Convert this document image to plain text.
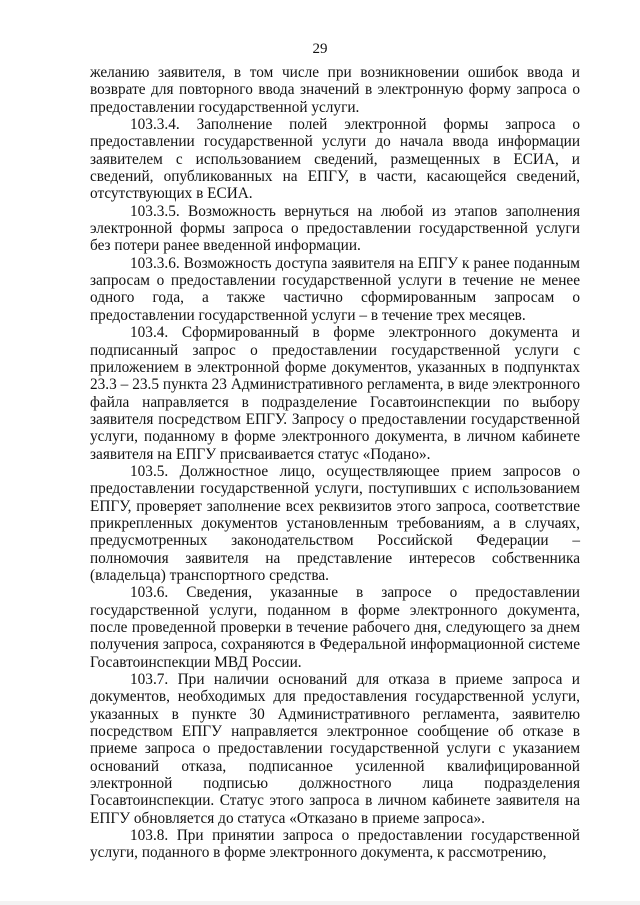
29

желанию заявителя, в том числе при возникновении ошибок ввода и возврате для повторного ввода значений в электронную форму запроса о предоставлении государственной услуги.

103.3.4. Заполнение полей электронной формы запроса о предоставлении государственной услуги до начала ввода информации заявителем с использованием сведений, размещенных в ЕСИА, и сведений, опубликованных на ЕПГУ, в части, касающейся сведений, отсутствующих в ЕСИА.

103.3.5. Возможность вернуться на любой из этапов заполнения электронной формы запроса о предоставлении государственной услуги без потери ранее введенной информации.

103.3.6. Возможность доступа заявителя на ЕПГУ к ранее поданным запросам о предоставлении государственной услуги в течение не менее одного года, а также частично сформированным запросам о предоставлении государственной услуги – в течение трех месяцев.

103.4. Сформированный в форме электронного документа и подписанный запрос о предоставлении государственной услуги с приложением в электронной форме документов, указанных в подпунктах 23.3 – 23.5 пункта 23 Административного регламента, в виде электронного файла направляется в подразделение Госавтоинспекции по выбору заявителя посредством ЕПГУ. Запросу о предоставлении государственной услуги, поданному в форме электронного документа, в личном кабинете заявителя на ЕПГУ присваивается статус «Подано».

103.5. Должностное лицо, осуществляющее прием запросов о предоставлении государственной услуги, поступивших с использованием ЕПГУ, проверяет заполнение всех реквизитов этого запроса, соответствие прикрепленных документов установленным требованиям, а в случаях, предусмотренных законодательством Российской Федерации – полномочия заявителя на представление интересов собственника (владельца) транспортного средства.

103.6. Сведения, указанные в запросе о предоставлении государственной услуги, поданном в форме электронного документа, после проведенной проверки в течение рабочего дня, следующего за днем получения запроса, сохраняются в Федеральной информационной системе Госавтоинспекции МВД России.

103.7. При наличии оснований для отказа в приеме запроса и документов, необходимых для предоставления государственной услуги, указанных в пункте 30 Административного регламента, заявителю посредством ЕПГУ направляется электронное сообщение об отказе в приеме запроса о предоставлении государственной услуги с указанием оснований отказа, подписанное усиленной квалифицированной электронной подписью должностного лица подразделения Госавтоинспекции. Статус этого запроса в личном кабинете заявителя на ЕПГУ обновляется до статуса «Отказано в приеме запроса».

103.8. При принятии запроса о предоставлении государственной услуги, поданного в форме электронного документа, к рассмотрению,
